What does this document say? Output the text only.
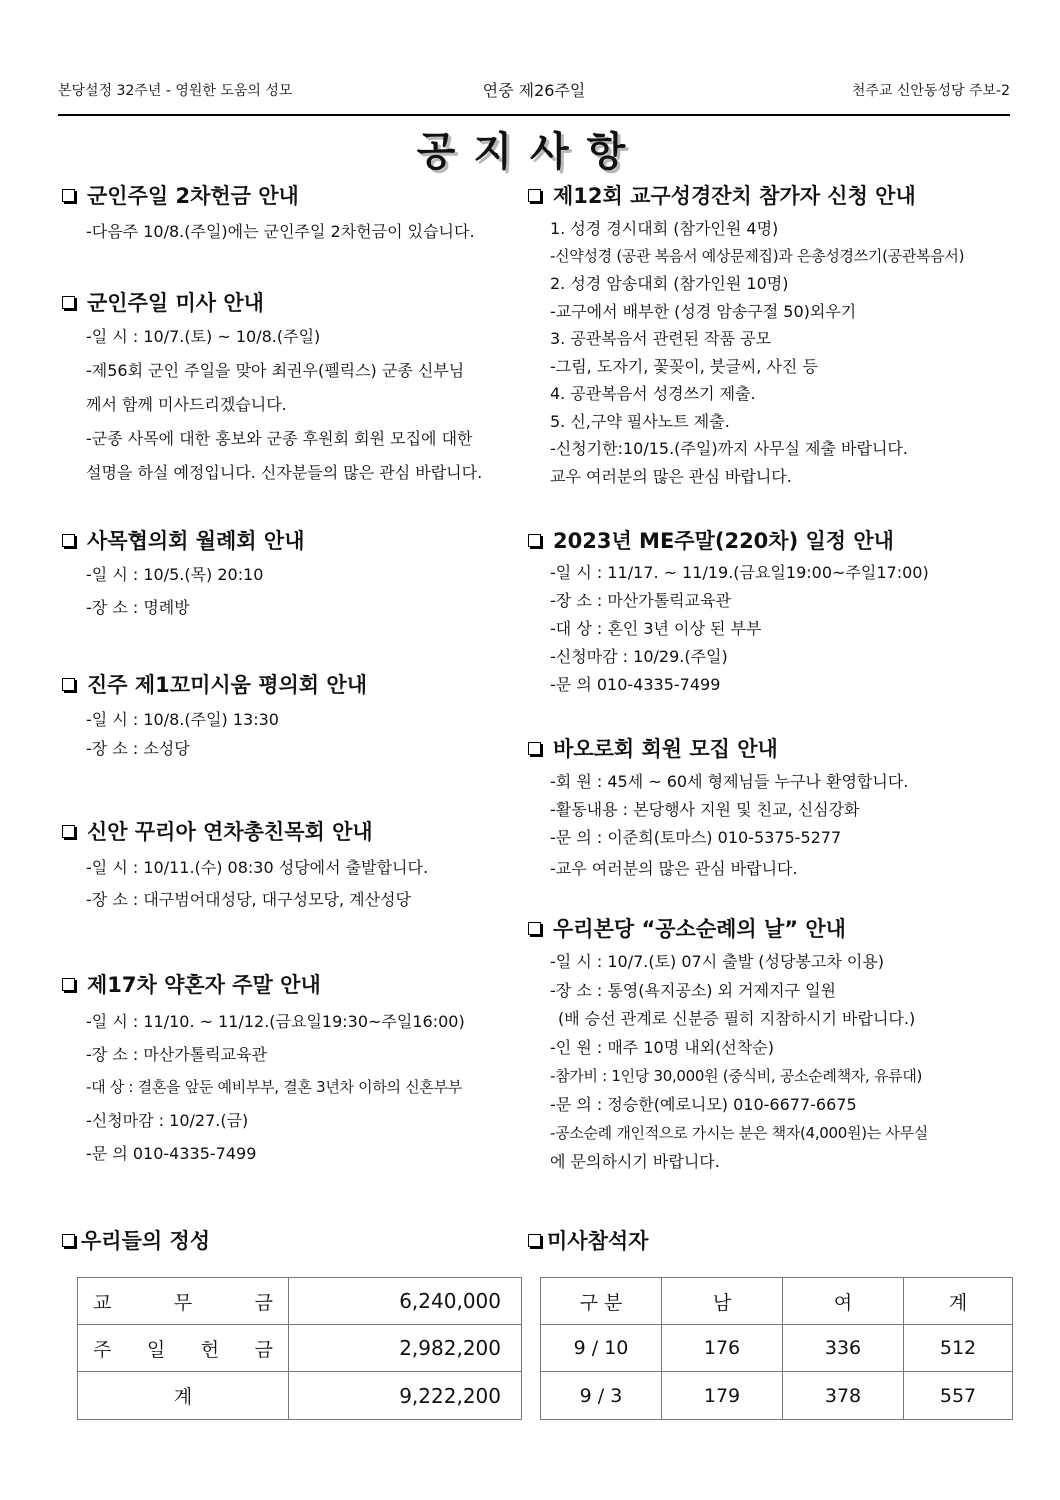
본당설정 32주년 - 영원한 도움의 성모	연중 제26주일	천주교 신안동성당 주보-2
공지사항
군인주일 2차헌금 안내
-다음주 10/8.(주일)에는 군인주일 2차헌금이 있습니다.
군인주일 미사 안내
-일 시 : 10/7.(토) ~ 10/8.(주일)
-제56회 군인 주일을 맞아 최권우(펠릭스) 군종 신부님
께서 함께 미사드리겠습니다.
-군종 사목에 대한 홍보와 군종 후원회 회원 모집에 대한
설명을 하실 예정입니다. 신자분들의 많은 관심 바랍니다.
사목협의회 월례회 안내
-일 시 : 10/5.(목) 20:10
-장 소 : 명례방
진주 제1꼬미시움 평의회 안내
-일 시 : 10/8.(주일) 13:30
-장 소 : 소성당
신안 꾸리아 연차총친목회 안내
-일 시 : 10/11.(수) 08:30 성당에서 출발합니다.
-장 소 : 대구범어대성당, 대구성모당, 계산성당
제17차 약혼자 주말 안내
-일 시 : 11/10. ~ 11/12.(금요일19:30~주일16:00)
-장 소 : 마산가톨릭교육관
-대 상 : 결혼을 앞둔 예비부부, 결혼 3년차 이하의 신혼부부
-신청마감 : 10/27.(금)
-문 의 010-4335-7499
제12회 교구성경잔치 참가자 신청 안내
1. 성경 경시대회 (참가인원 4명)
-신약성경 (공관 복음서 예상문제집)과 은총성경쓰기(공관복음서)
2. 성경 암송대회 (참가인원 10명)
-교구에서 배부한 (성경 암송구절 50)외우기
3. 공관복음서 관련된 작품 공모
-그림, 도자기, 꽃꽂이, 붓글씨, 사진 등
4. 공관복음서 성경쓰기 제출.
5. 신,구약 필사노트 제출.
-신청기한:10/15.(주일)까지 사무실 제출 바랍니다.
교우 여러분의 많은 관심 바랍니다.
2023년 ME주말(220차) 일정 안내
-일 시 : 11/17. ~ 11/19.(금요일19:00~주일17:00)
-장 소 : 마산가톨릭교육관
-대 상 : 혼인 3년 이상 된 부부
-신청마감 : 10/29.(주일)
-문 의 010-4335-7499
바오로회 회원 모집 안내
-회 원 : 45세 ~ 60세 형제님들 누구나 환영합니다.
-활동내용 : 본당행사 지원 및 친교, 신심강화
-문 의 : 이준희(토마스) 010-5375-5277
-교우 여러분의 많은 관심 바랍니다.
우리본당 “공소순례의 날” 안내
-일 시 : 10/7.(토) 07시 출발 (성당봉고차 이용)
-장 소 : 통영(욕지공소) 외 거제지구 일원
(배 승선 관계로 신분증 필히 지참하시기 바랍니다.)
-인 원 : 매주 10명 내외(선착순)
-참가비 : 1인당 30,000원 (중식비, 공소순례책자, 유류대)
-문 의 : 정승한(예로니모) 010-6677-6675
-공소순례 개인적으로 가시는 분은 책자(4,000원)는 사무실
에 문의하시기 바랍니다.
우리들의 정성
교 무 금	6,240,000

주 일 헌 금	2,982,200
계	9,222,200
미사참석자
구 분	남	여	계
9 / 10	176	336	512
9 / 3	179	378	557
